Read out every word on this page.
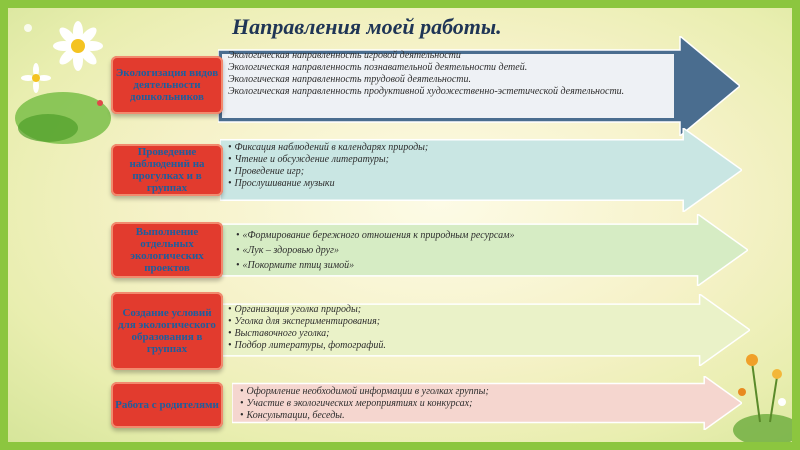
Направления моей работы.
Экологизация видов деятельности дошкольников
Экологическая направленность игровой деятельности
Экологическая направленность познавательной деятельности детей.
Экологическая направленность трудовой деятельности.
Экологическая направленность продуктивной художественно-эстетической деятельности.
Проведение наблюдений на прогулках и в группах
• Фиксация наблюдений в календарях природы;
• Чтение и обсуждение литературы;
• Проведение игр;
• Прослушивание музыки
Выполнение отдельных экологических проектов
• «Формирование бережного отношения к природным ресурсам»
• «Лук – здоровью друг»
• «Покормите птиц зимой»
Создание условий для экологического образования в группах
• Организация уголка природы;
• Уголка для экспериментирования;
• Выставочного уголка;
• Подбор литературы, фотографий.
Работа с родителями
• Оформление необходимой информации в уголках группы;
• Участие в экологических мероприятиях и конкурсах;
• Консультации, беседы.
